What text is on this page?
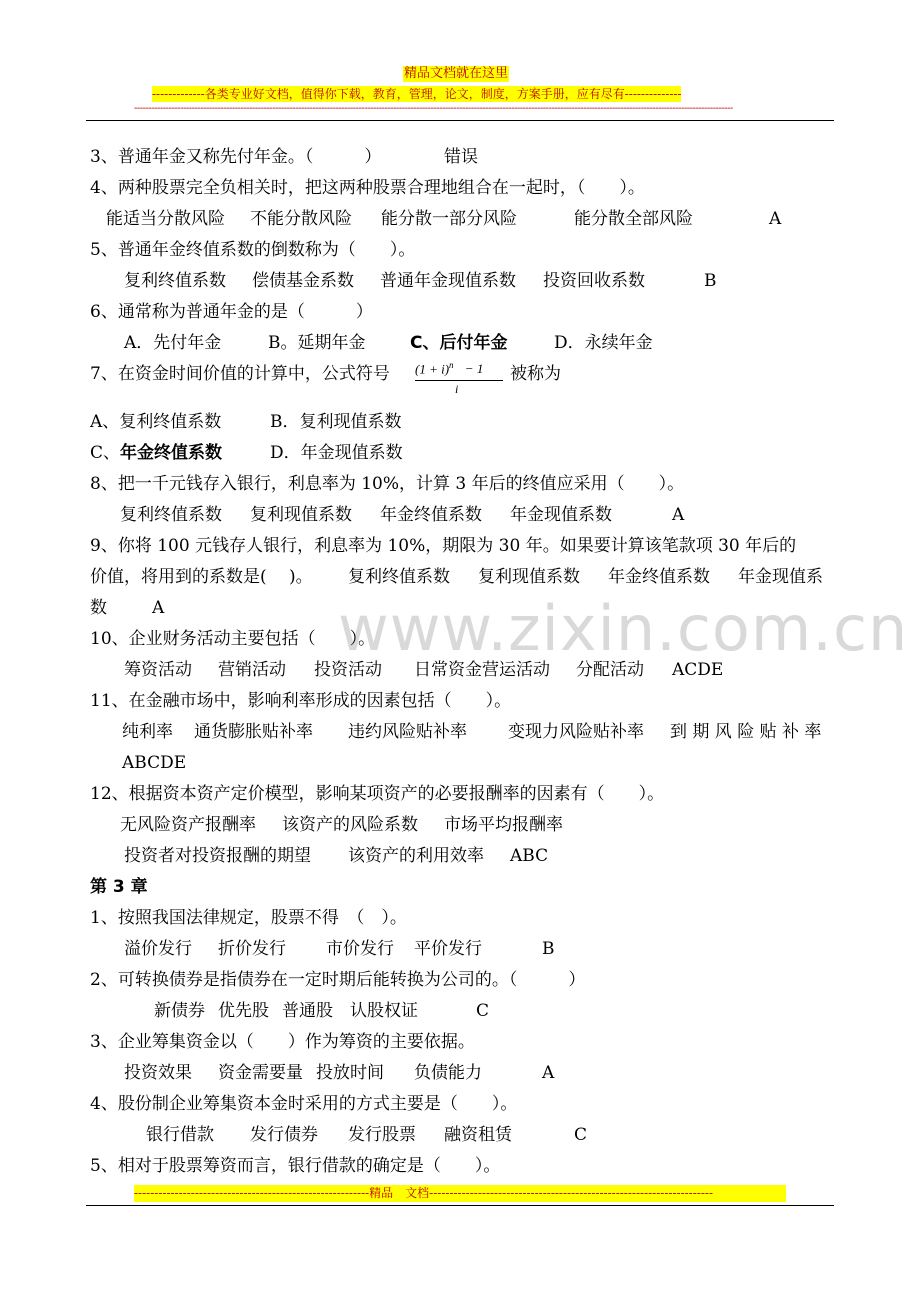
精品文档就在这里
-------------各类专业好文档，值得你下载，教育，管理，论文，制度，方案手册，应有尽有--------------
----------------------------------------------------------------------------------------------------------------------------------------------------------------------------------------------------------------
www.zixin.com.cn
3、普通年金又称先付年金。（　　　）	错误
4、两种股票完全负相关时，把这两种股票合理地组合在一起时，（　　）。
能适当分散风险 不能分散风险 能分散一部分风险	能分散全部风险	A
5、普通年金终值系数的倒数称为（　　）。
复利终值系数 偿债基金系数 普通年金现值系数 投资回收系数	B
6、通常称为普通年金的是（　　　）
A．先付年金	B。延期年金	C、后付年金	D．永续年金
7、在资金时间价值的计算中，公式符号	被称为
$(1 + i)^n - 1$
i
A、复利终值系数	B．复利现值系数
C、 年金终值系数	D．年金现值系数
8、把一千元钱存入银行，利息率为 10%，计算 3 年后的终值应采用（　　）。
复利终值系数 复利现值系数 年金终值系数 年金现值系数	A
9、你将 100 元钱存人银行，利息率为 10%，期限为 30 年。如果要计算该笔款项 30 年后的
价值，将用到的系数是(　 )。 复利终值系数 复利现值系数 年金终值系数 年金现值系
数	A
10、企业财务活动主要包括（　　）。
筹资活动 营销活动 投资活动 日常资金营运活动 分配活动 ACDE
11、在金融市场中，影响利率形成的因素包括（　　）。
纯利率 通货膨胀贴补率 违约风险贴补率 变现力风险贴补率 到 期 风 险 贴 补 率
ABCDE
12、根据资本资产定价模型，影响某项资产的必要报酬率的因素有（　　）。
无风险资产报酬率 该资产的风险系数 市场平均报酬率
投资者对投资报酬的期望 该资产的利用效率 ABC
第 3 章
1、按照我国法律规定，股票不得　（　）。
溢价发行 折价发行 市价发行 平价发行	B
2、可转换债券是指债券在一定时期后能转换为公司的。（　　　）
新债券 优先股 普通股 认股权证	C
3、企业筹集资金以（　　）作为筹资的主要依据。
投资效果 资金需要量 投放时间 负债能力	A
4、股份制企业筹集资本金时采用的方式主要是（　　）。
银行借款 发行债券 发行股票 融资租赁	C
5、相对于股票筹资而言，银行借款的确定是（　　）。
----------------------------------------------------------精品　文档----------------------------------------------------------------------
